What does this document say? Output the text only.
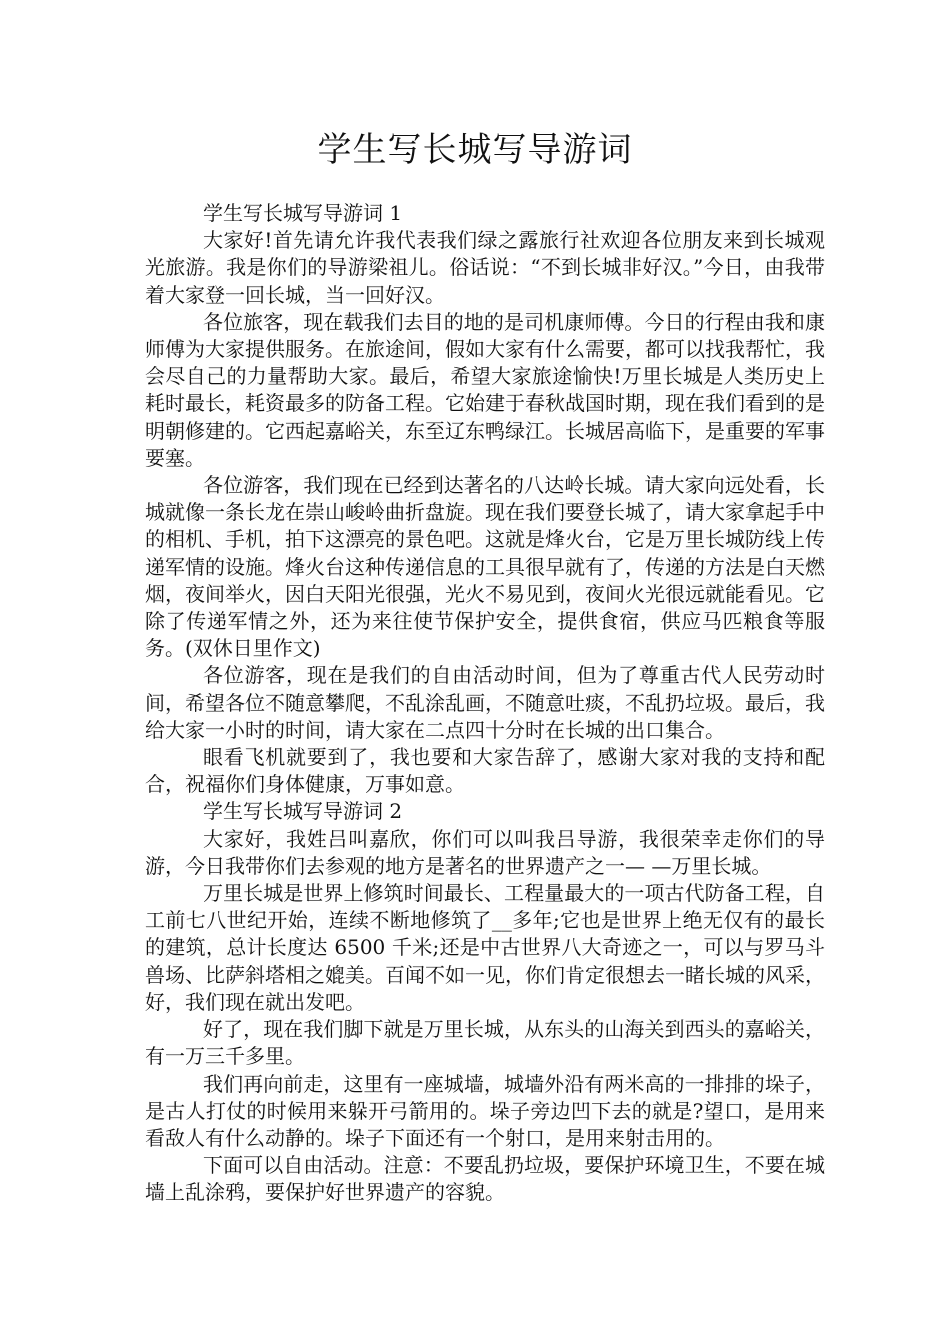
学生写长城写导游词

学生写长城写导游词 1

大家好!首先请允许我代表我们绿之露旅行社欢迎各位朋友来到长城观光旅游。我是你们的导游梁祖儿。俗话说：“不到长城非好汉。”今日，由我带着大家登一回长城，当一回好汉。

各位旅客，现在载我们去目的地的是司机康师傅。今日的行程由我和康师傅为大家提供服务。在旅途间，假如大家有什么需要，都可以找我帮忙，我会尽自己的力量帮助大家。最后，希望大家旅途愉快!万里长城是人类历史上耗时最长，耗资最多的防备工程。它始建于春秋战国时期，现在我们看到的是明朝修建的。它西起嘉峪关，东至辽东鸭绿江。长城居高临下，是重要的军事要塞。

各位游客，我们现在已经到达著名的八达岭长城。请大家向远处看，长城就像一条长龙在崇山峻岭曲折盘旋。现在我们要登长城了，请大家拿起手中的相机、手机，拍下这漂亮的景色吧。这就是烽火台，它是万里长城防线上传递军情的设施。烽火台这种传递信息的工具很早就有了，传递的方法是白天燃烟，夜间举火，因白天阳光很强，光火不易见到，夜间火光很远就能看见。它除了传递军情之外，还为来往使节保护安全，提供食宿，供应马匹粮食等服务。(双休日里作文)

各位游客，现在是我们的自由活动时间，但为了尊重古代人民劳动时间，希望各位不随意攀爬，不乱涂乱画，不随意吐痰，不乱扔垃圾。最后，我给大家一小时的时间，请大家在二点四十分时在长城的出口集合。

眼看飞机就要到了，我也要和大家告辞了，感谢大家对我的支持和配合，祝福你们身体健康，万事如意。

学生写长城写导游词 2

大家好，我姓吕叫嘉欣，你们可以叫我吕导游，我很荣幸走你们的导游，今日我带你们去参观的地方是著名的世界遗产之一— —万里长城。

万里长城是世界上修筑时间最长、工程量最大的一项古代防备工程，自工前七八世纪开始，连续不断地修筑了__多年;它也是世界上绝无仅有的最长的建筑，总计长度达 6500 千米;还是中古世界八大奇迹之一，可以与罗马斗兽场、比萨斜塔相之媲美。百闻不如一见，你们肯定很想去一睹长城的风采，好，我们现在就出发吧。

好了，现在我们脚下就是万里长城，从东头的山海关到西头的嘉峪关，有一万三千多里。

我们再向前走，这里有一座城墙，城墙外沿有两米高的一排排的垛子，是古人打仗的时候用来躲开弓箭用的。垛子旁边凹下去的就是?望口，是用来看敌人有什么动静的。垛子下面还有一个射口，是用来射击用的。

下面可以自由活动。注意：不要乱扔垃圾，要保护环境卫生，不要在城墙上乱涂鸦，要保护好世界遗产的容貌。
